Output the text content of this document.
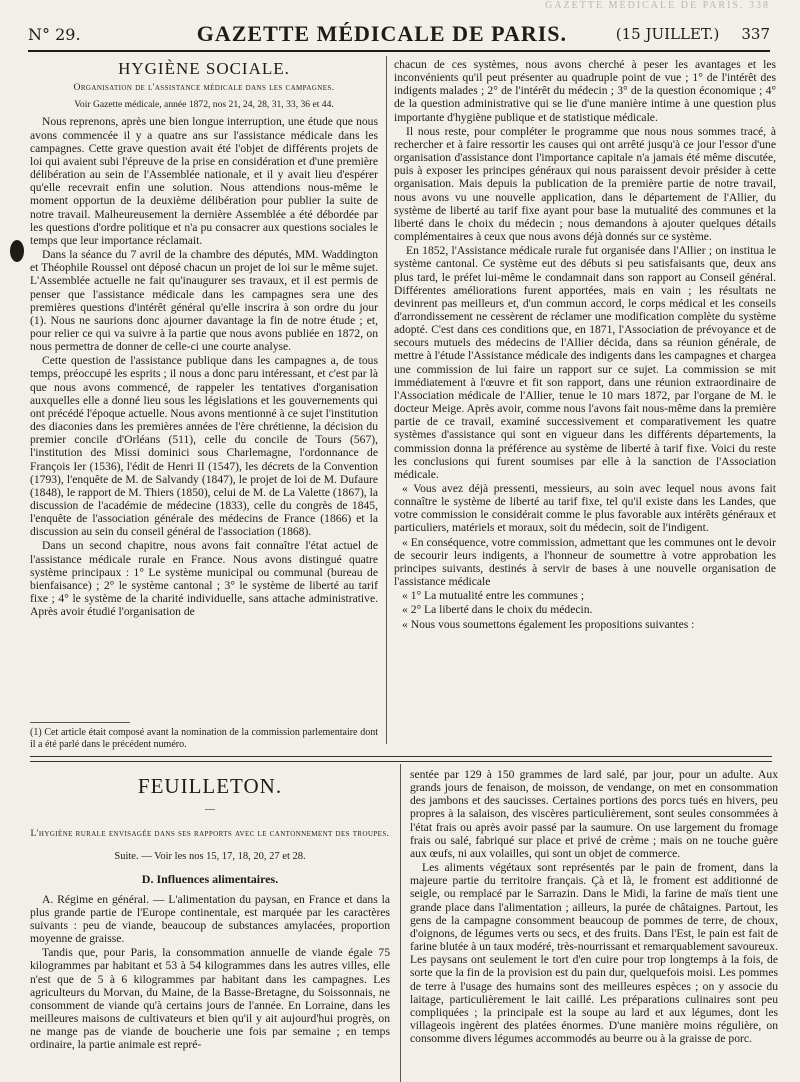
GAZETTE MÉDICALE DE PARIS. 338
N° 29.	GAZETTE MÉDICALE DE PARIS.	(15 JUILLET.) 337
HYGIÈNE SOCIALE.
Organisation de l'assistance médicale dans les campagnes.
Voir Gazette médicale, année 1872, nos 21, 24, 28, 31, 33, 36 et 44.

Nous reprenons, après une bien longue interruption, une étude que nous avons commencée il y a quatre ans sur l'assistance médicale dans les campagnes. Cette grave question avait été l'objet de différents projets de loi qui avaient subi l'épreuve de la prise en considération et d'une première délibération au sein de l'Assemblée nationale, et il y avait lieu d'espérer qu'elle recevrait enfin une solution. Nous attendions nous-même le moment opportun de la deuxième délibération pour publier la suite de notre travail. Malheureusement la dernière Assemblée a été débordée par les questions d'ordre politique et n'a pu consacrer aux questions sociales le temps que leur importance réclamait.

Dans la séance du 7 avril de la chambre des députés, MM. Waddington et Théophile Roussel ont déposé chacun un projet de loi sur le même sujet. L'Assemblée actuelle ne fait qu'inaugurer ses travaux, et il est permis de penser que l'assistance médicale dans les campagnes sera une des premières questions d'intérêt général qu'elle inscrira à son ordre du jour (1). Nous ne saurions donc ajourner davantage la fin de notre étude ; et, pour relier ce qui va suivre à la partie que nous avons publiée en 1872, on nous permettra de donner de celle-ci une courte analyse.

Cette question de l'assistance publique dans les campagnes a, de tous temps, préoccupé les esprits ; il nous a donc paru intéressant, et c'est par là que nous avons commencé, de rappeler les tentatives d'organisation auxquelles elle a donné lieu sous les législations et les gouvernements qui ont précédé l'époque actuelle. Nous avons mentionné à ce sujet l'institution des diaconies dans les premières années de l'ère chrétienne, la décision du premier concile d'Orléans (511), celle du concile de Tours (567), l'institution des Missi dominici sous Charlemagne, l'ordonnance de François Ier (1536), l'édit de Henri II (1547), les décrets de la Convention (1793), l'enquête de M. de Salvandy (1847), le projet de loi de M. Dufaure (1848), le rapport de M. Thiers (1850), celui de M. de La Valette (1867), la discussion de l'académie de médecine (1833), celle du congrès de 1845, l'enquête de l'association générale des médecins de France (1866) et la discussion au sein du conseil général de l'association (1868).

Dans un second chapitre, nous avons fait connaître l'état actuel de l'assistance médicale rurale en France. Nous avons distingué quatre système principaux : 1° Le système municipal ou communal (bureau de bienfaisance) ; 2° le système cantonal ; 3° le système de liberté au tarif fixe ; 4° le système de la charité individuelle, sans attache administrative. Après avoir étudié l'organisation de

(1) Cet article était composé avant la nomination de la commission parlementaire dont il a été parlé dans le précédent numéro.

chacun de ces systèmes, nous avons cherché à peser les avantages et les inconvénients qu'il peut présenter au quadruple point de vue ; 1° de l'intérêt des indigents malades ; 2° de l'intérêt du médecin ; 3° de la question économique ; 4° de la question administrative qui se lie d'une manière intime à une question plus importante d'hygiène publique et de statistique médicale.

Il nous reste, pour compléter le programme que nous nous sommes tracé, à rechercher et à faire ressortir les causes qui ont arrêté jusqu'à ce jour l'essor d'une organisation d'assistance dont l'importance capitale n'a jamais été même discutée, puis à exposer les principes généraux qui nous paraissent devoir présider à cette organisation. Mais depuis la publication de la première partie de notre travail, nous avons vu une nouvelle application, dans le département de l'Allier, du système de liberté au tarif fixe ayant pour base la mutualité des communes et la liberté dans le choix du médecin ; nous demandons à ajouter quelques détails complémentaires à ceux que nous avons déjà donnés sur ce système.

En 1852, l'Assistance médicale rurale fut organisée dans l'Allier ; on institua le système cantonal. Ce système eut des débuts si peu satisfaisants que, deux ans plus tard, le préfet lui-même le condamnait dans son rapport au Conseil général. Différentes améliorations furent apportées, mais en vain ; les résultats ne devinrent pas meilleurs et, d'un commun accord, le corps médical et les conseils d'arrondissement ne cessèrent de réclamer une modification complète du système adopté. C'est dans ces conditions que, en 1871, l'Association de prévoyance et de secours mutuels des médecins de l'Allier décida, dans sa réunion générale, de mettre à l'étude l'Assistance médicale des indigents dans les campagnes et chargea une commission de lui faire un rapport sur ce sujet. La commission se mit immédiatement à l'œuvre et fit son rapport, dans une réunion extraordinaire de l'Association médicale de l'Allier, tenue le 10 mars 1872, par l'organe de M. le docteur Meige. Après avoir, comme nous l'avons fait nous-même dans la première partie de ce travail, examiné successivement et comparativement les quatre systèmes d'assistance qui sont en vigueur dans les différents départements, la commission donna la préférence au système de liberté à tarif fixe. Voici du reste les conclusions qui furent soumises par elle à la sanction de l'Association médicale.

« Vous avez déjà pressenti, messieurs, au soin avec lequel nous avons fait connaître le système de liberté au tarif fixe, tel qu'il existe dans les Landes, que votre commission le considérait comme le plus favorable aux intérêts généraux et particuliers, matériels et moraux, soit du médecin, soit de l'indigent.

« En conséquence, votre commission, admettant que les communes ont le devoir de secourir leurs indigents, a l'honneur de soumettre à votre approbation les principes suivants, destinés à servir de bases à une nouvelle organisation de l'assistance médicale

« 1° La mutualité entre les communes ;

« 2° La liberté dans le choix du médecin.

« Nous vous soumettons également les propositions suivantes :

FEUILLETON.
—
L'hygiène rurale envisagée dans ses rapports avec le cantonnement des troupes.
Suite. — Voir les nos 15, 17, 18, 20, 27 et 28.
D. Influences alimentaires.

A. Régime en général. — L'alimentation du paysan, en France et dans la plus grande partie de l'Europe continentale, est marquée par les caractères suivants : peu de viande, beaucoup de substances amylacées, proportion moyenne de graisse.

Tandis que, pour Paris, la consommation annuelle de viande égale 75 kilogrammes par habitant et 53 à 54 kilogrammes dans les autres villes, elle n'est que de 5 à 6 kilogrammes par habitant dans les campagnes. Les agriculteurs du Morvan, du Maine, de la Basse-Bretagne, du Soissonnais, ne consomment de viande qu'à certains jours de l'année. En Lorraine, dans les meilleures maisons de cultivateurs et bien qu'il y ait aujourd'hui progrès, on ne mange pas de viande de boucherie une fois par semaine ; en temps ordinaire, la partie animale est repré-

sentée par 129 à 150 grammes de lard salé, par jour, pour un adulte. Aux grands jours de fenaison, de moisson, de vendange, on met en consommation des jambons et des saucisses. Certaines portions des porcs tués en hivers, peu propres à la salaison, des viscères particulièrement, sont seules consommées à l'état frais ou après avoir passé par la saumure. On use largement du fromage frais ou salé, fabriqué sur place et privé de crème ; mais on ne touche guère aux œufs, ni aux volailles, qui sont un objet de commerce.

Les aliments végétaux sont représentés par le pain de froment, dans la majeure partie du territoire français. Çà et là, le froment est additionné de seigle, ou remplacé par le Sarrazin. Dans le Midi, la farine de maïs tient une grande place dans l'alimentation ; ailleurs, la purée de châtaignes. Partout, les gens de la campagne consomment beaucoup de pommes de terre, de choux, d'oignons, de légumes verts ou secs, et des fruits. Dans l'Est, le pain est fait de farine blutée à un taux modéré, très-nourrissant et remarquablement savoureux. Les paysans ont seulement le tort d'en cuire pour trop longtemps à la fois, de sorte que la fin de la provision est du pain dur, quelquefois moisi. Les pommes de terre à l'usage des humains sont des meilleures espèces ; on y associe du laitage, particulièrement le lait caillé. Les préparations culinaires sont peu compliquées ; la principale est la soupe au lard et aux légumes, dont les villageois ingèrent des platées énormes. D'une manière moins régulière, on consomme divers légumes accommodés au beurre ou à la graisse de porc.
